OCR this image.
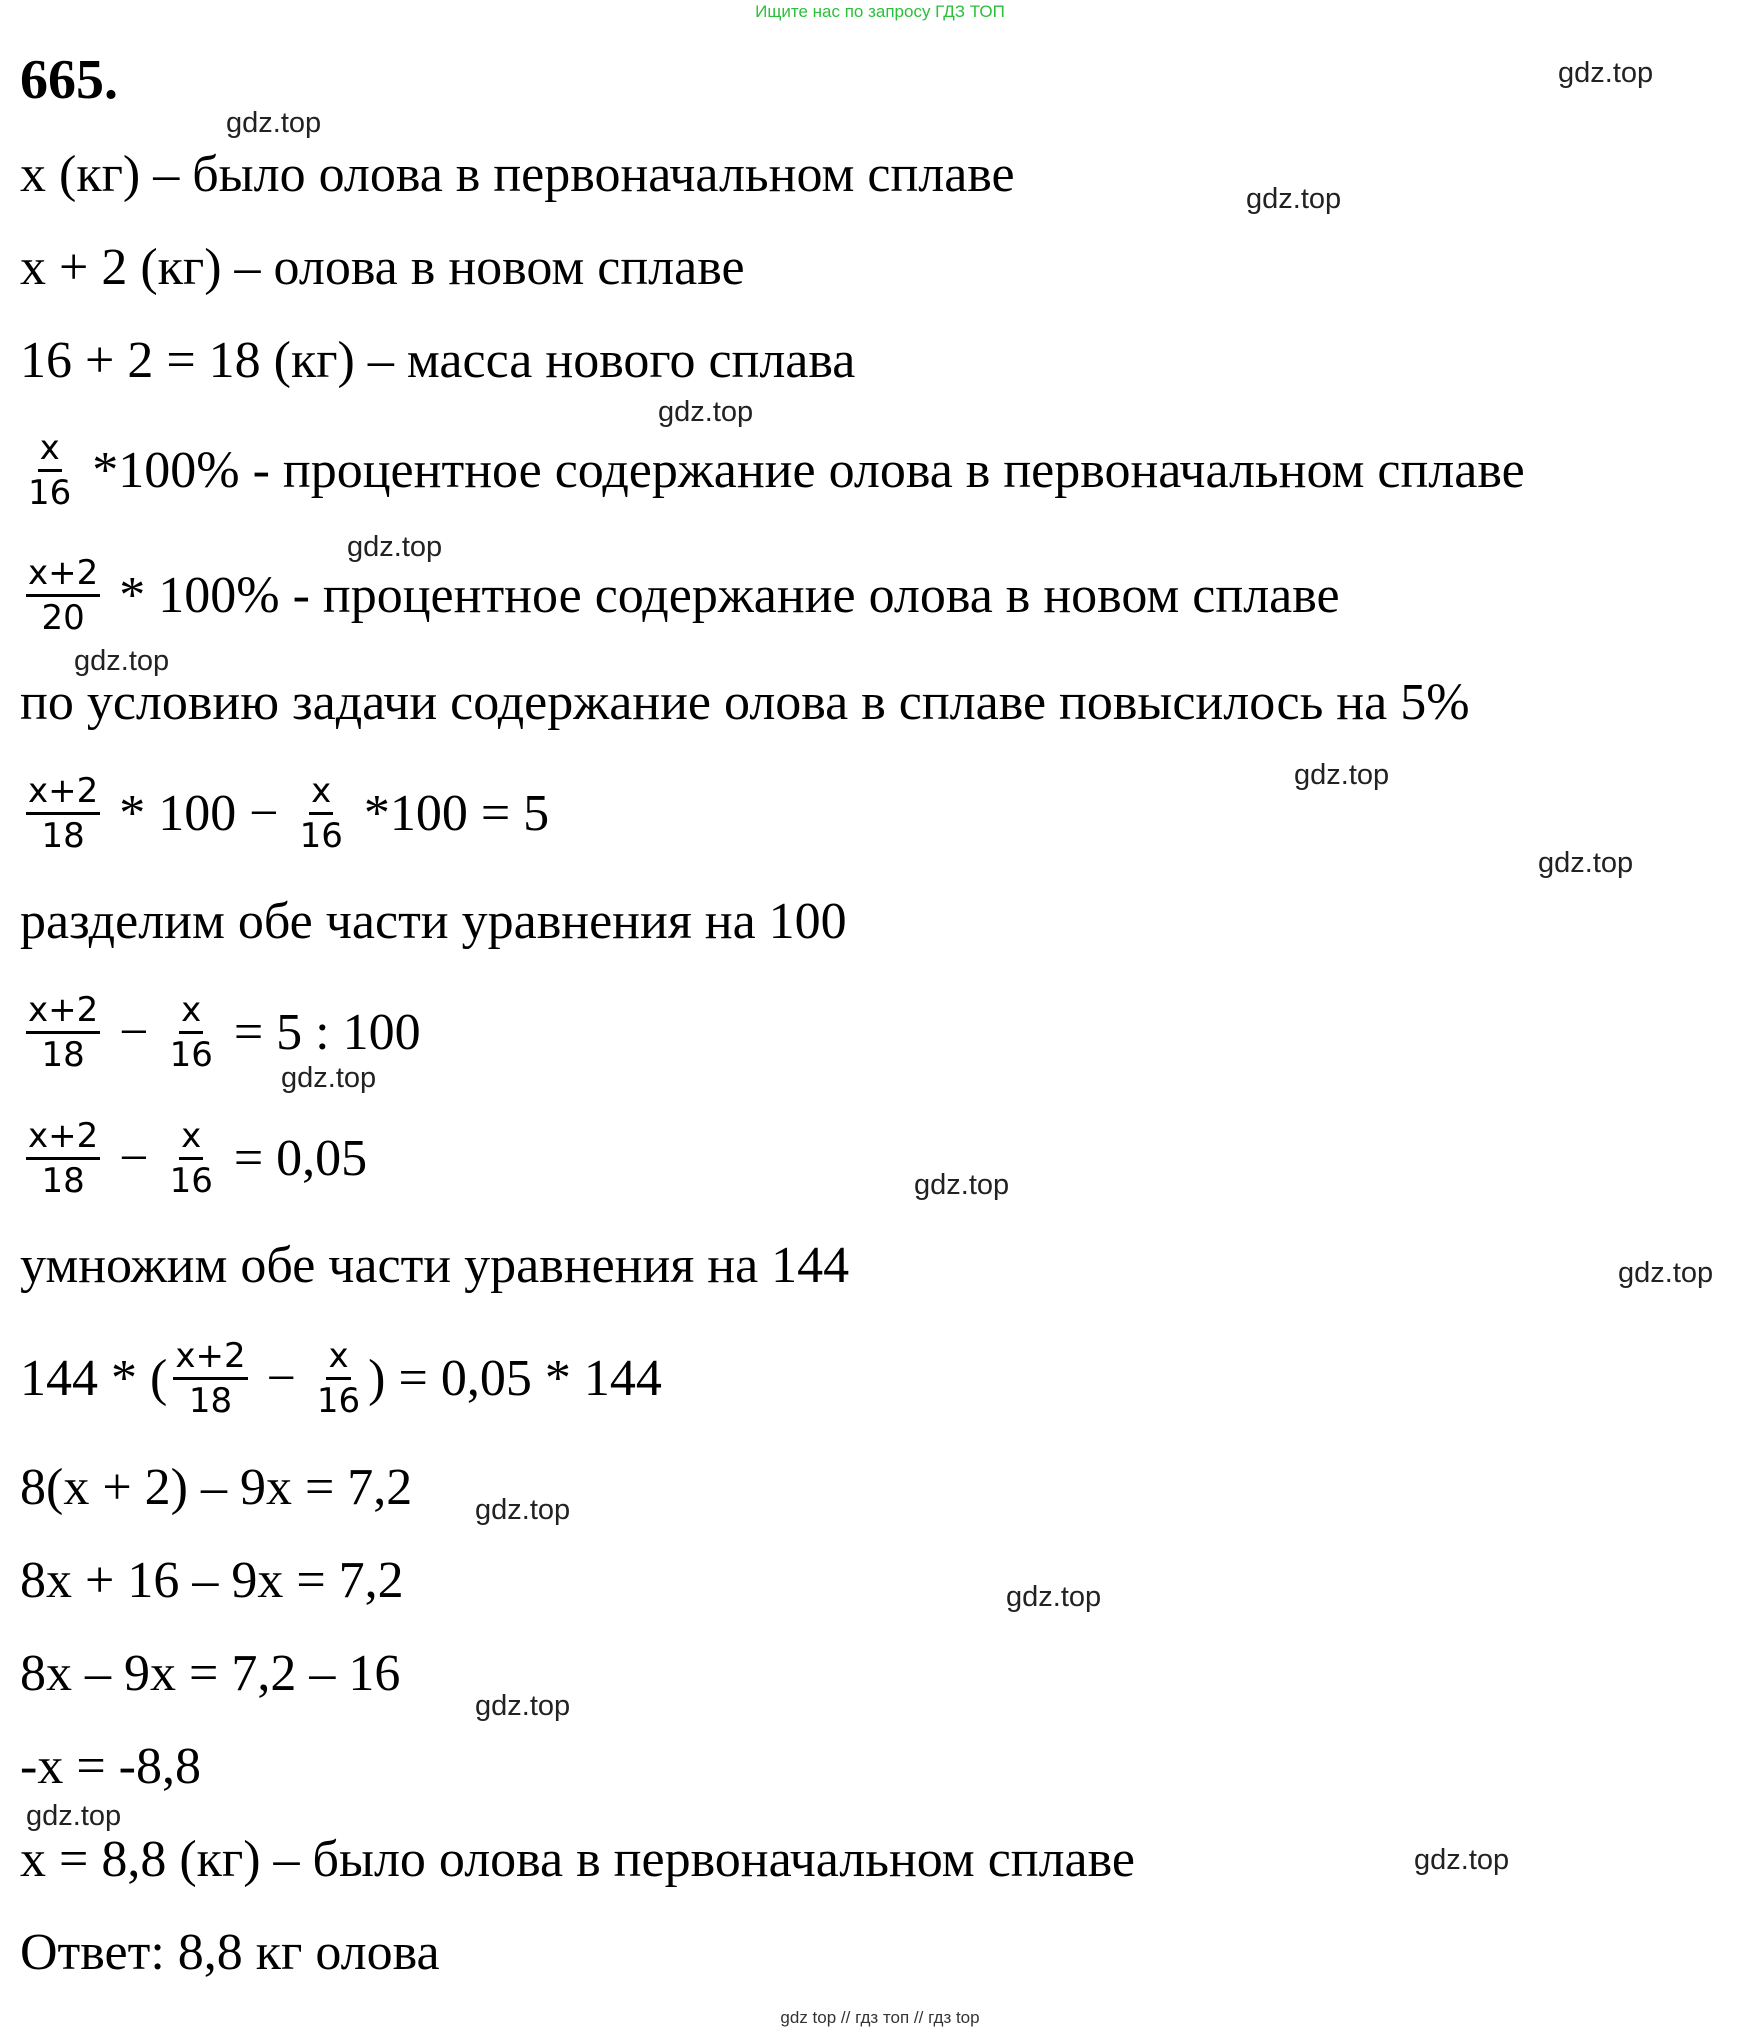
Ищите нас по запросу ГДЗ ТОП
665.	gdz.top
gdz.top
gdz.top
gdz.top
gdz.top
gdz.top
gdz.top
gdz.top
gdz.top
gdz.top
gdz.top
gdz.top
gdz.top
gdz.top
gdz.top
gdz.top
x (кг) – было олова в первоначальном сплаве
x + 2 (кг) – олова в новом сплаве
16 + 2 = 18 (кг) – масса нового сплава
$\frac{x}{16} *100\%$ - процентное содержание олова в первоначальном сплаве
$\frac{x+2}{20} * 100\%$ - процентное содержание олова в новом сплаве
по условию задачи содержание олова в сплаве повысилось на 5%
$\frac{x+2}{18} * 100 - \frac{x}{16} *100 = 5$
разделим обе части уравнения на 100
$\frac{x+2}{18} - \frac{x}{16} = 5$ : 100
$\frac{x+2}{18} - \frac{x}{16} = 0,05$
умножим обе части уравнения на 144
144 * ( $\frac{x+2}{18} - \frac{x}{16}$ ) = 0,05 * 144
8(x + 2) – 9x = 7,2
8x + 16 – 9x = 7,2
8x – 9x = 7,2 – 16
-x = -8,8
x = 8,8 (кг) – было олова в первоначальном сплаве
Ответ: 8,8 кг олова
gdz top // гдз топ // гдз top
